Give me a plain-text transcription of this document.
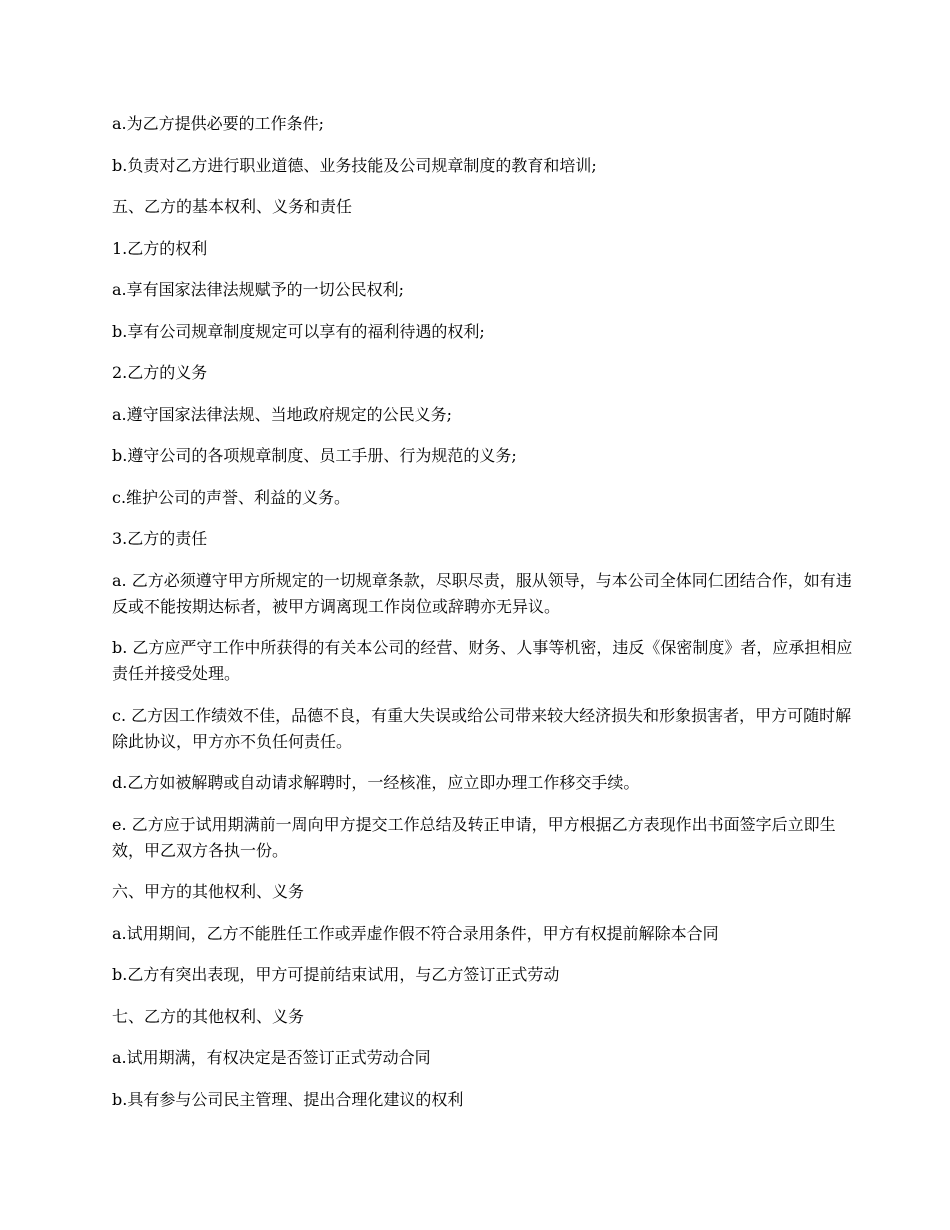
a.为乙方提供必要的工作条件;

b.负责对乙方进行职业道德、业务技能及公司规章制度的教育和培训;

五、乙方的基本权利、义务和责任

1.乙方的权利

a.享有国家法律法规赋予的一切公民权利;

b.享有公司规章制度规定可以享有的福利待遇的权利;

2.乙方的义务

a.遵守国家法律法规、当地政府规定的公民义务;

b.遵守公司的各项规章制度、员工手册、行为规范的义务;

c.维护公司的声誉、利益的义务。

3.乙方的责任

a. 乙方必须遵守甲方所规定的一切规章条款，尽职尽责，服从领导，与本公司全体同仁团结合作，如有违反或不能按期达标者，被甲方调离现工作岗位或辞聘亦无异议。

b. 乙方应严守工作中所获得的有关本公司的经营、财务、人事等机密，违反《保密制度》者，应承担相应责任并接受处理。

c. 乙方因工作绩效不佳，品德不良，有重大失误或给公司带来较大经济损失和形象损害者，甲方可随时解除此协议，甲方亦不负任何责任。

d.乙方如被解聘或自动请求解聘时，一经核准，应立即办理工作移交手续。

e. 乙方应于试用期满前一周向甲方提交工作总结及转正申请，甲方根据乙方表现作出书面签字后立即生效，甲乙双方各执一份。

六、甲方的其他权利、义务

a.试用期间，乙方不能胜任工作或弄虚作假不符合录用条件，甲方有权提前解除本合同

b.乙方有突出表现，甲方可提前结束试用，与乙方签订正式劳动

七、乙方的其他权利、义务

a.试用期满，有权决定是否签订正式劳动合同

b.具有参与公司民主管理、提出合理化建议的权利
